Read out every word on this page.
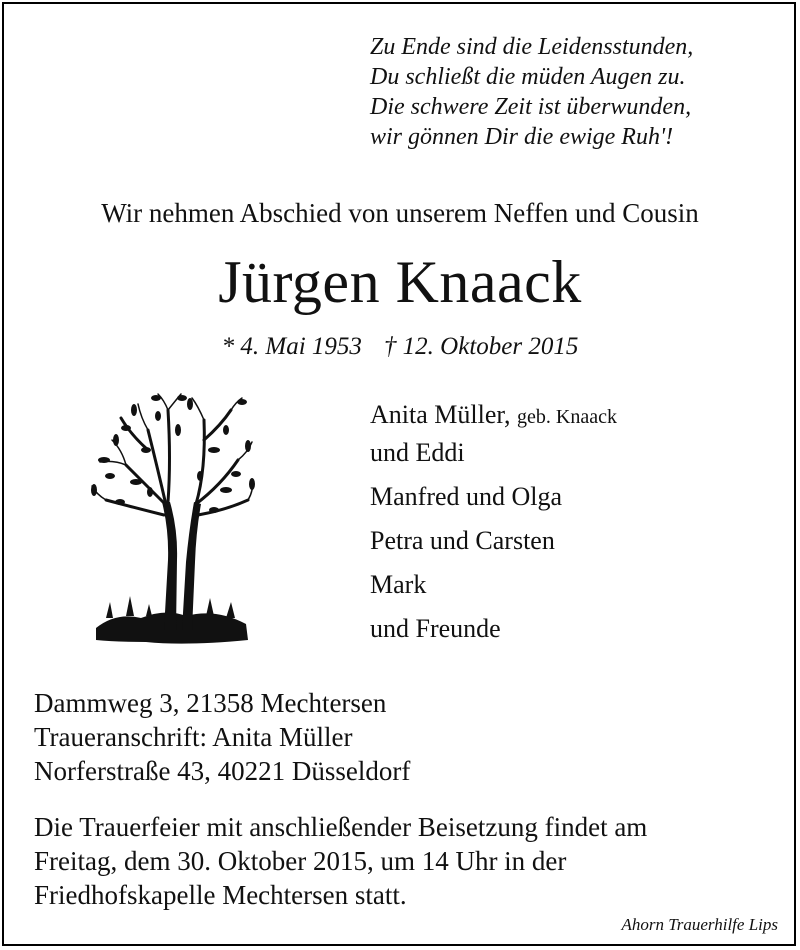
Zu Ende sind die Leidensstunden,
Du schließt die müden Augen zu.
Die schwere Zeit ist überwunden,
wir gönnen Dir die ewige Ruh'!
Wir nehmen Abschied von unserem Neffen und Cousin
Jürgen Knaack
* 4. Mai 1953 † 12. Oktober 2015
Anita Müller, geb. Knaack
und Eddi
Manfred und Olga
Petra und Carsten
Mark
und Freunde
Dammweg 3, 21358 Mechtersen
Traueranschrift: Anita Müller
Norferstraße 43, 40221 Düsseldorf
Die Trauerfeier mit anschließender Beisetzung findet am
Freitag, dem 30. Oktober 2015, um 14 Uhr in der
Friedhofskapelle Mechtersen statt.
Ahorn Trauerhilfe Lips
